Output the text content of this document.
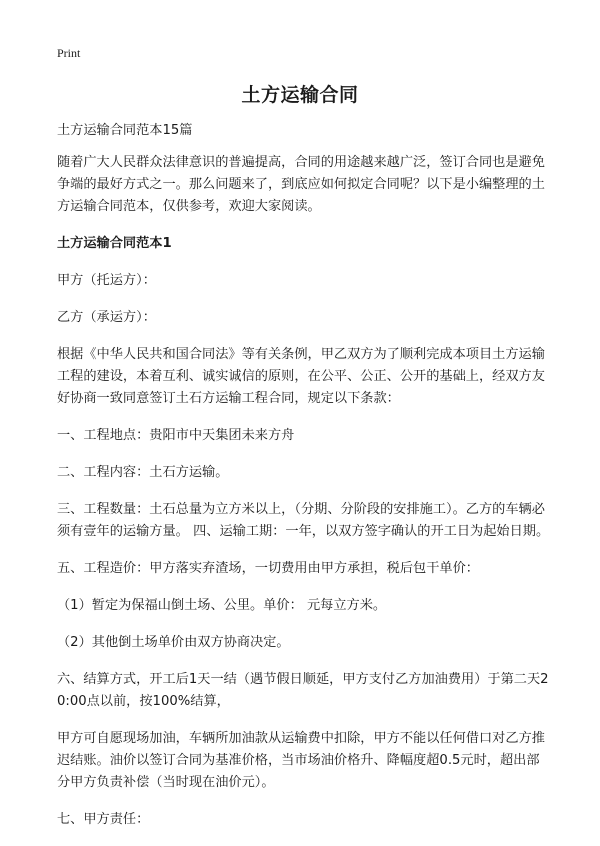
Print
土方运输合同

土方运输合同范本15篇

随着广大人民群众法律意识的普遍提高，合同的用途越来越广泛，签订合同也是避免争端的最好方式之一。那么问题来了，到底应如何拟定合同呢？以下是小编整理的土方运输合同范本，仅供参考，欢迎大家阅读。

土方运输合同范本1

甲方（托运方）：

乙方（承运方）：

根据《中华人民共和国合同法》等有关条例，甲乙双方为了顺利完成本项目土方运输工程的建设，本着互利、诚实诚信的原则，在公平、公正、公开的基础上，经双方友好协商一致同意签订土石方运输工程合同，规定以下条款：

一、工程地点：贵阳市中天集团未来方舟

二、工程内容：土石方运输。

三、工程数量：土石总量为立方米以上，（分期、分阶段的安排施工）。乙方的车辆必须有壹年的运输方量。 四、运输工期：一年，以双方签字确认的开工日为起始日期。

五、工程造价：甲方落实弃渣场，一切费用由甲方承担，税后包干单价：

（1）暂定为保福山倒土场、公里。单价： 元每立方米。

（2）其他倒土场单价由双方协商决定。

六、结算方式，开工后1天一结（遇节假日顺延，甲方支付乙方加油费用）于第二天20:00点以前，按100%结算，

甲方可自愿现场加油，车辆所加油款从运输费中扣除，甲方不能以任何借口对乙方推迟结账。油价以签订合同为基准价格，当市场油价格升、降幅度超0.5元时，超出部分甲方负责补偿（当时现在油价元）。

七、甲方责任：
